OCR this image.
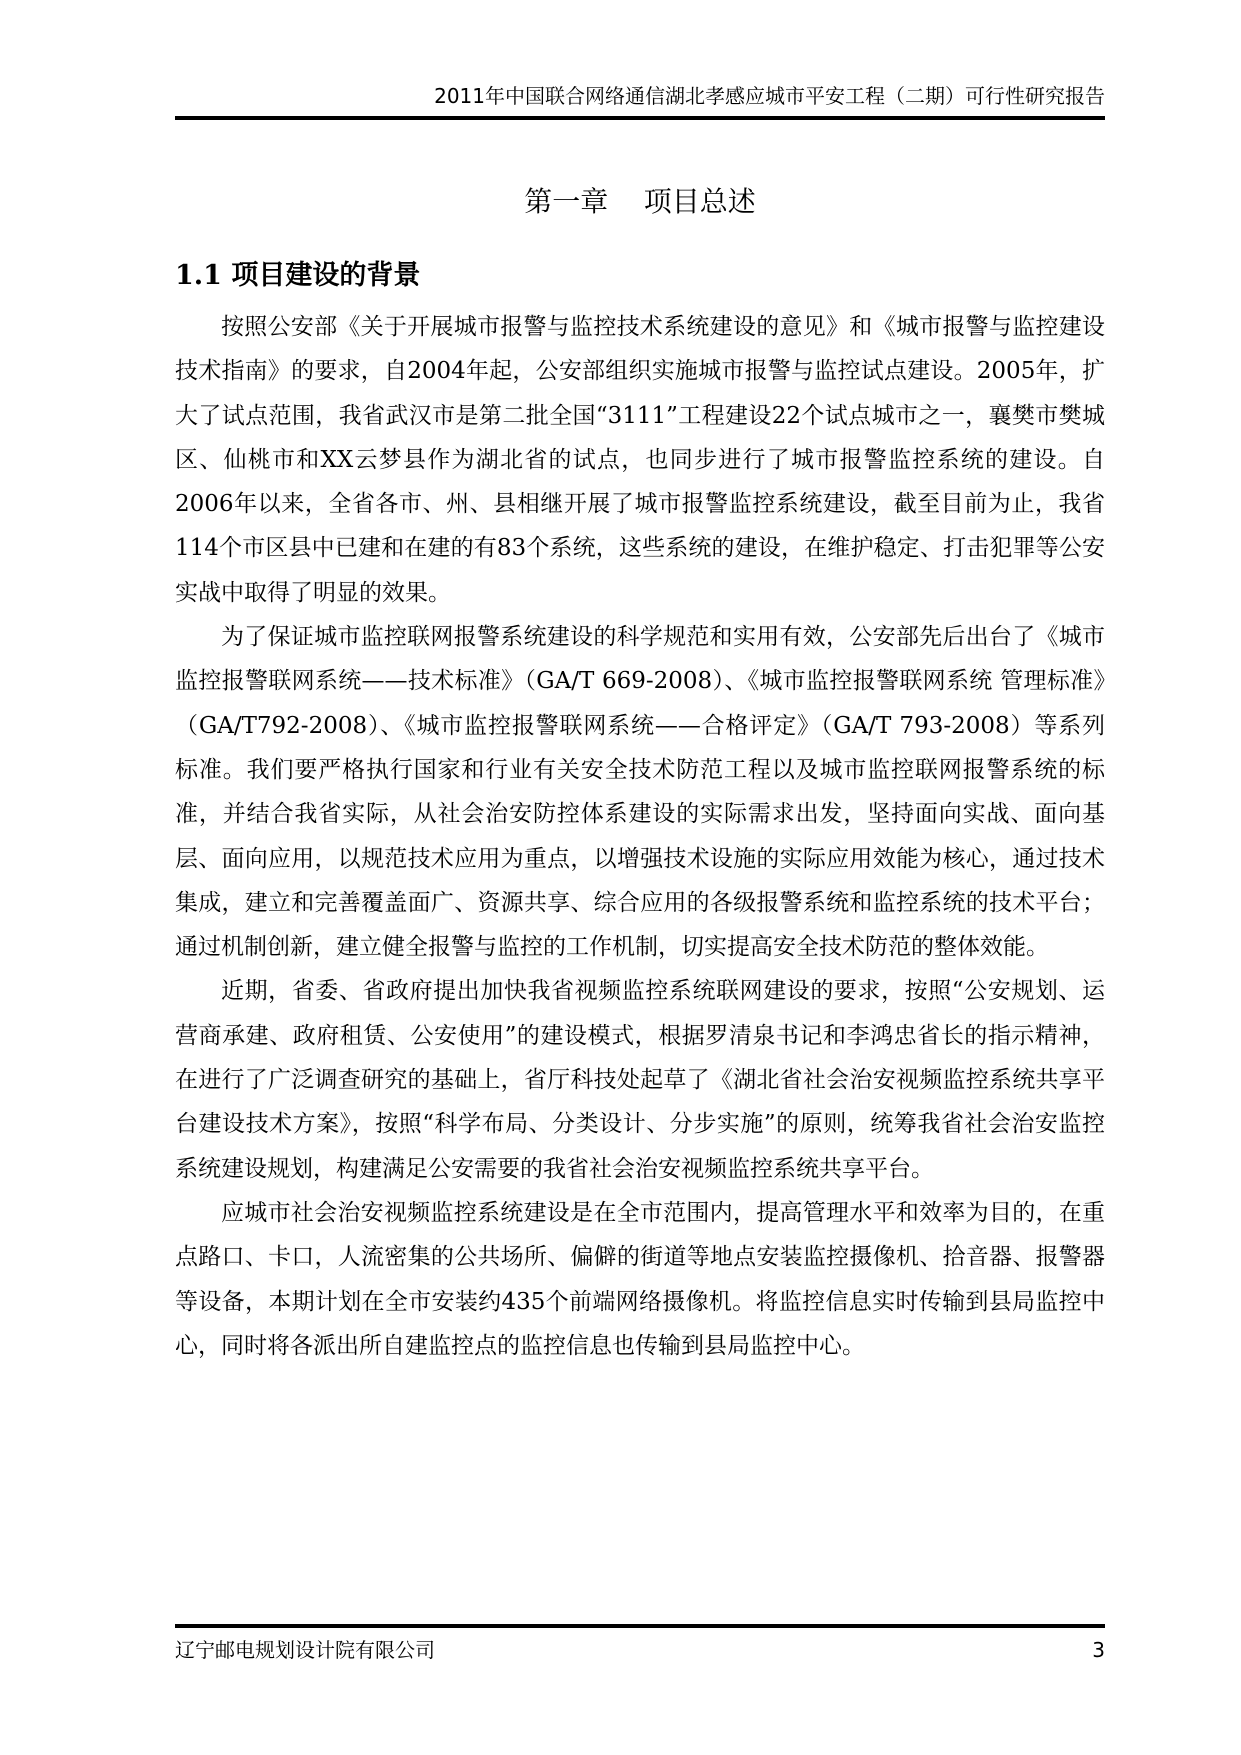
2011年中国联合网络通信湖北孝感应城市平安工程（二期）可行性研究报告
第一章    项目总述
1.1 项目建设的背景

按照公安部《关于开展城市报警与监控技术系统建设的意见》和《城市报警与监控建设技术指南》的要求，自2004年起，公安部组织实施城市报警与监控试点建设。2005年，扩大了试点范围，我省武汉市是第二批全国“3111”工程建设22个试点城市之一，襄樊市樊城区、仙桃市和XX云梦县作为湖北省的试点，也同步进行了城市报警监控系统的建设。自2006年以来，全省各市、州、县相继开展了城市报警监控系统建设，截至目前为止，我省114个市区县中已建和在建的有83个系统，这些系统的建设，在维护稳定、打击犯罪等公安实战中取得了明显的效果。

为了保证城市监控联网报警系统建设的科学规范和实用有效，公安部先后出台了《城市监控报警联网系统——技术标准》（GA/T 669-2008）、《城市监控报警联网系统 管理标准》（GA/T792-2008）、《城市监控报警联网系统——合格评定》（GA/T 793-2008）等系列标准。我们要严格执行国家和行业有关安全技术防范工程以及城市监控联网报警系统的标准，并结合我省实际，从社会治安防控体系建设的实际需求出发，坚持面向实战、面向基层、面向应用，以规范技术应用为重点，以增强技术设施的实际应用效能为核心，通过技术集成，建立和完善覆盖面广、资源共享、综合应用的各级报警系统和监控系统的技术平台；通过机制创新，建立健全报警与监控的工作机制，切实提高安全技术防范的整体效能。

近期，省委、省政府提出加快我省视频监控系统联网建设的要求，按照“公安规划、运营商承建、政府租赁、公安使用”的建设模式，根据罗清泉书记和李鸿忠省长的指示精神，在进行了广泛调查研究的基础上，省厅科技处起草了《湖北省社会治安视频监控系统共享平台建设技术方案》，按照“科学布局、分类设计、分步实施”的原则，统筹我省社会治安监控系统建设规划，构建满足公安需要的我省社会治安视频监控系统共享平台。

应城市社会治安视频监控系统建设是在全市范围内，提高管理水平和效率为目的，在重点路口、卡口，人流密集的公共场所、偏僻的街道等地点安装监控摄像机、拾音器、报警器等设备，本期计划在全市安装约435个前端网络摄像机。将监控信息实时传输到县局监控中心，同时将各派出所自建监控点的监控信息也传输到县局监控中心。

辽宁邮电规划设计院有限公司	3
